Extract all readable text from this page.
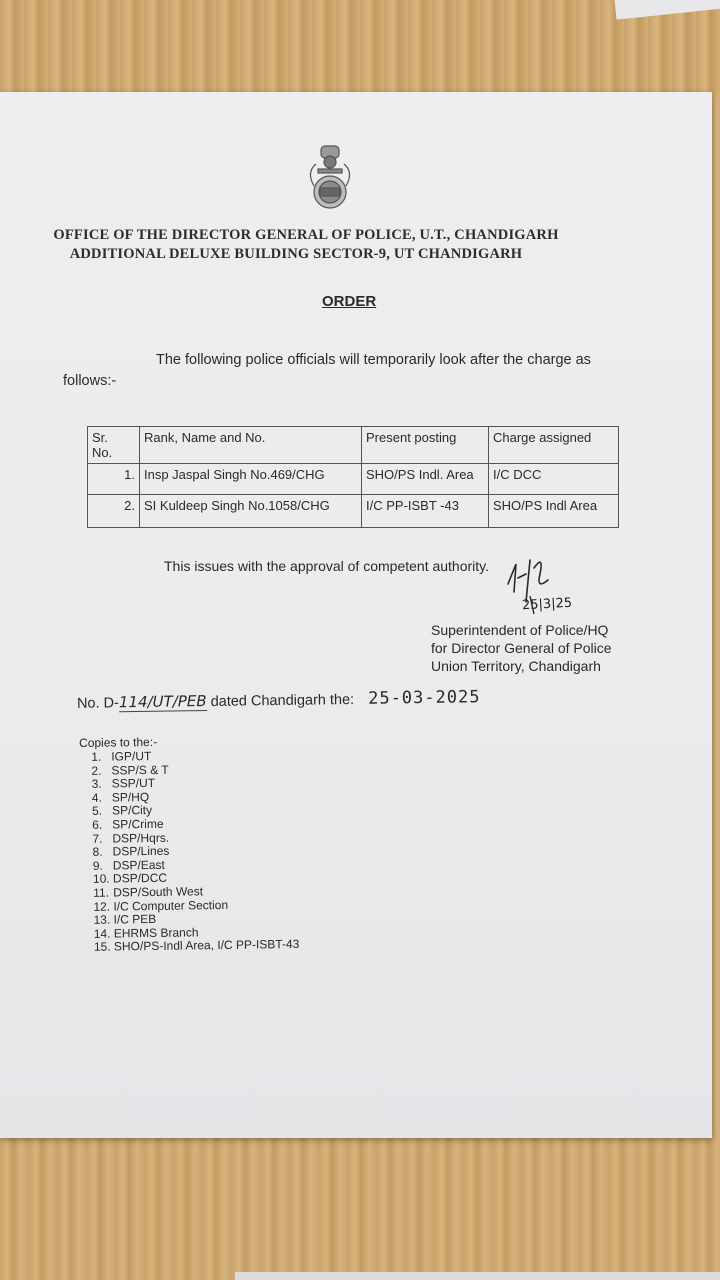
OFFICE OF THE DIRECTOR GENERAL OF POLICE, U.T., CHANDIGARH
ADDITIONAL DELUXE BUILDING SECTOR-9, UT CHANDIGARH
ORDER
The following police officials will temporarily look after the charge as
follows:-
Sr.
No.	Rank, Name and No.	Present posting	Charge assigned
1.	Insp Jaspal Singh No.469/CHG	SHO/PS Indl. Area	I/C DCC
2.	SI Kuldeep Singh No.1058/CHG	I/C PP-ISBT -43	SHO/PS Indl Area
This issues with the approval of competent authority.
25|3|25
Superintendent of Police/HQ
for Director General of Police
Union Territory, Chandigarh
No. D-114/UT/PEB dated Chandigarh the: 25-03-2025
Copies to the:-
1. IGP/UT
2. SSP/S & T
3. SSP/UT
4. SP/HQ
5. SP/City
6. SP/Crime
7. DSP/Hqrs.
8. DSP/Lines
9. DSP/East
10. DSP/DCC
11. DSP/South West
12. I/C Computer Section
13. I/C PEB
14. EHRMS Branch
15. SHO/PS-Indl Area, I/C PP-ISBT-43
